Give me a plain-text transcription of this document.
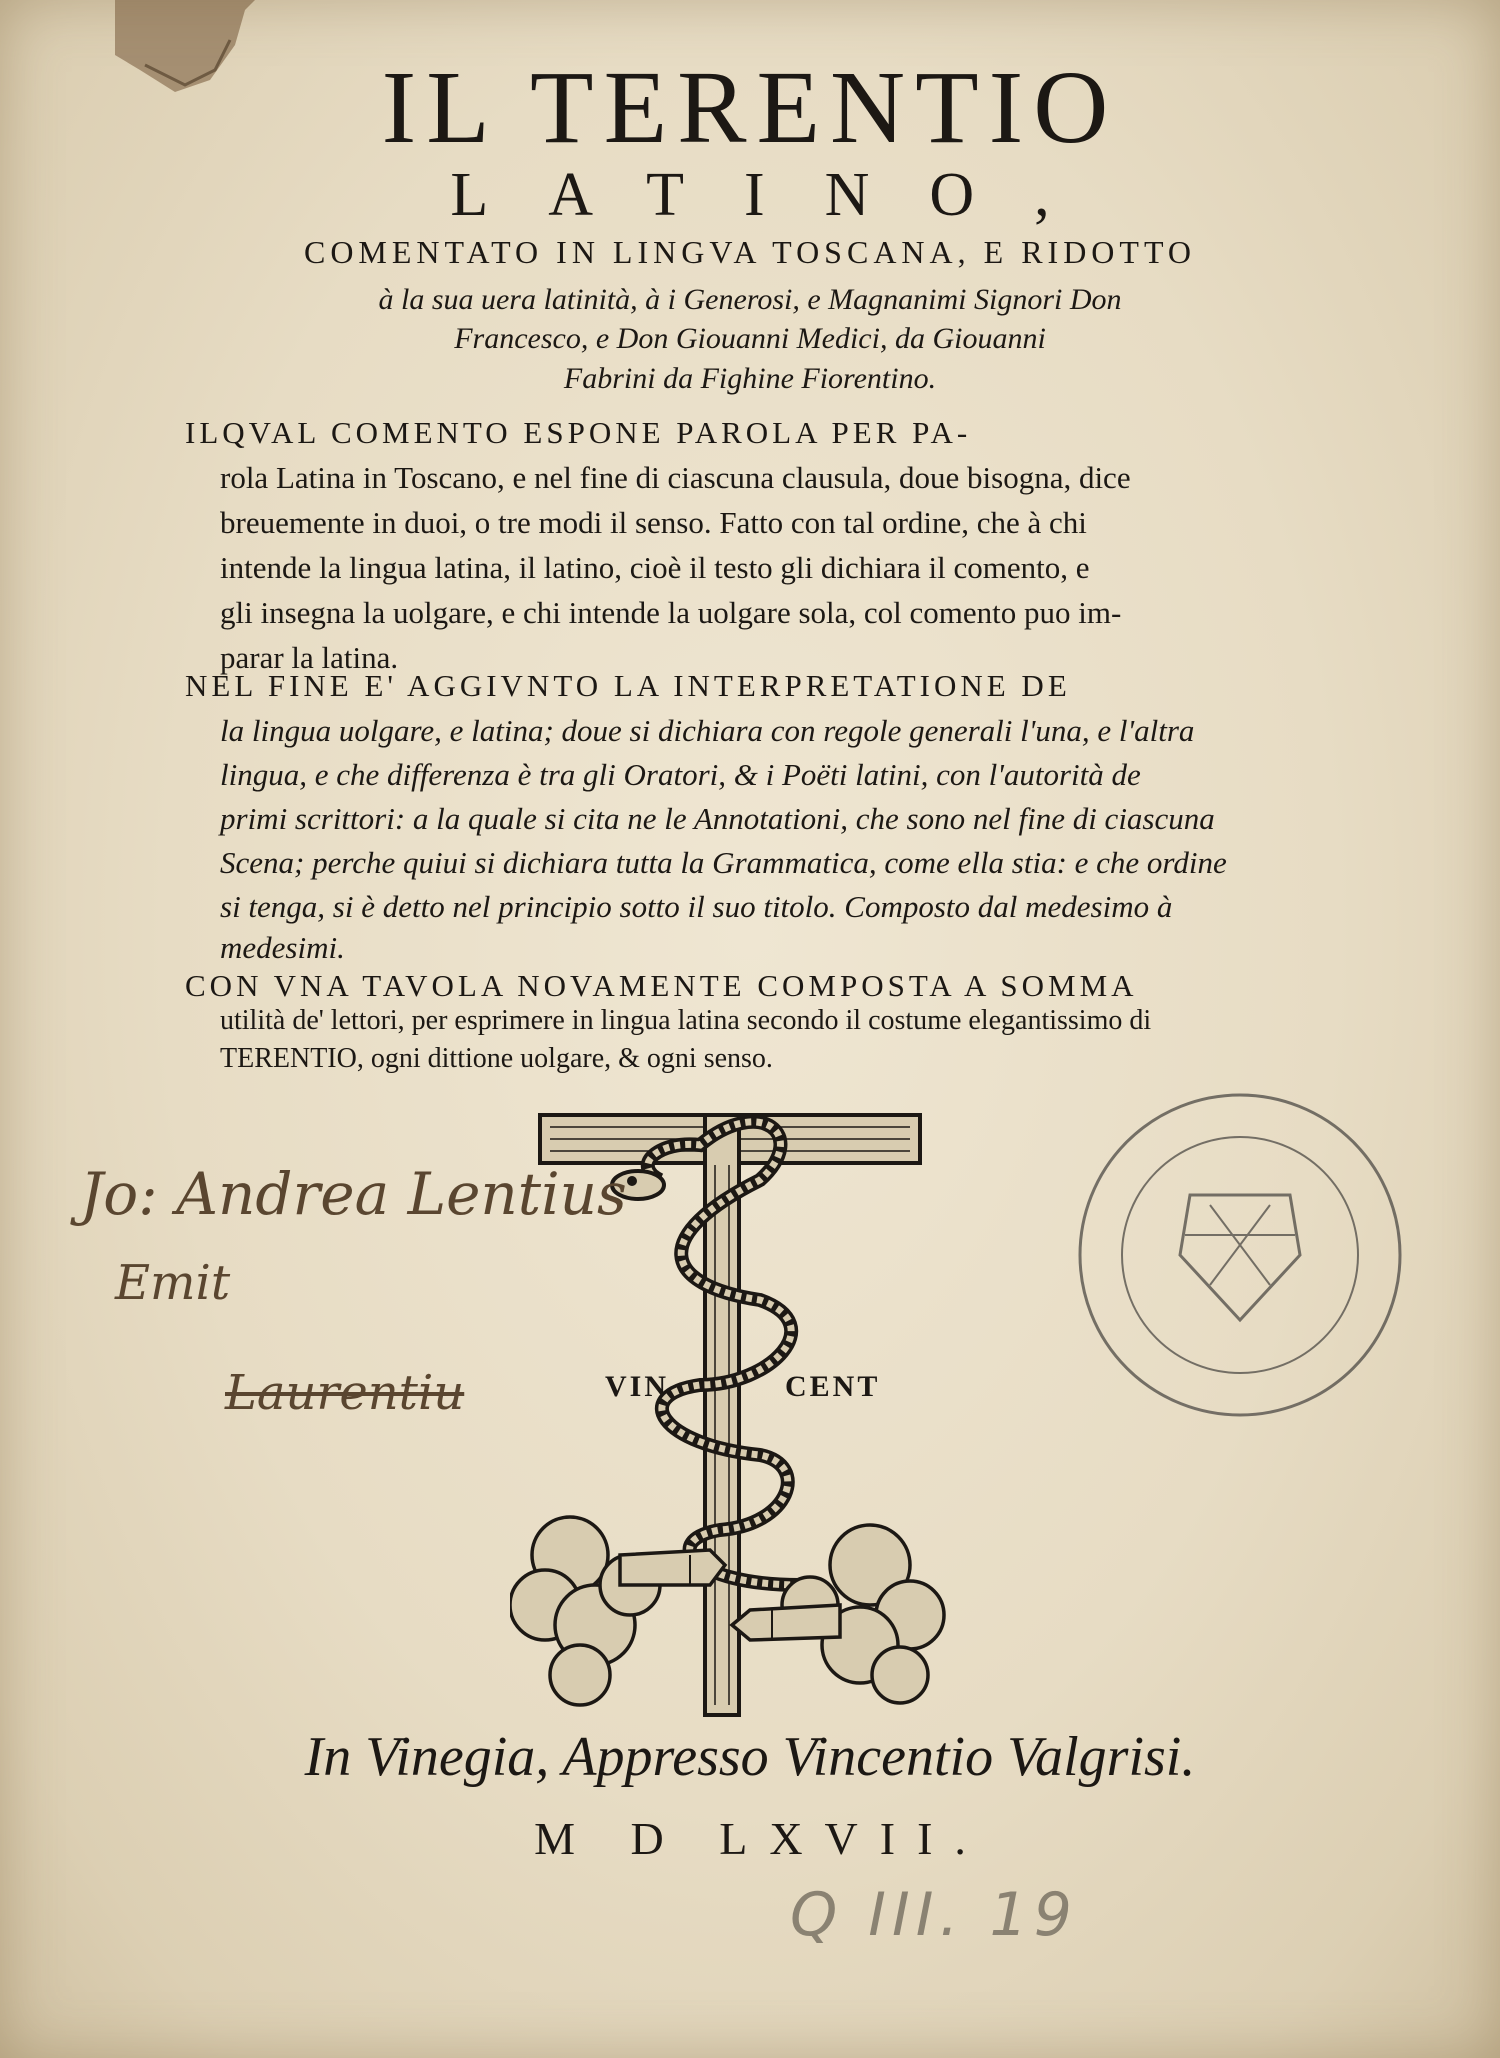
IL TERENTIO
LATINO,
COMENTATO IN LINGVA TOSCANA, E RIDOTTO
à la sua uera latinità, à i Generosi, e Magnanimi Signori Don
Francesco, e Don Giouanni Medici, da Giouanni
Fabrini da Fighine Fiorentino.
ILQVAL COMENTO ESPONE PAROLA PER PA-
rola Latina in Toscano, e nel fine di ciascuna clausula, doue bisogna, dice
breuemente in duoi, o tre modi il senso. Fatto con tal ordine, che à chi
intende la lingua latina, il latino, cioè il testo gli dichiara il comento, e
gli insegna la uolgare, e chi intende la uolgare sola, col comento puo im-
parar la latina.
NEL FINE E' AGGIVNTO LA INTERPRETATIONE DE
la lingua uolgare, e latina; doue si dichiara con regole generali l'una, e l'altra
lingua, e che differenza è tra gli Oratori, & i Poëti latini, con l'autorità de
primi scrittori: a la quale si cita ne le Annotationi, che sono nel fine di ciascuna
Scena; perche quiui si dichiara tutta la Grammatica, come ella stia: e che ordine
si tenga, si è detto nel principio sotto il suo titolo. Composto dal medesimo à
medesimi.
CON VNA TAVOLA NOVAMENTE COMPOSTA A SOMMA
utilità de' lettori, per esprimere in lingua latina secondo il costume elegantissimo di
TERENTIO, ogni dittione uolgare, & ogni senso.
VIN	CENT
Jo: Andrea Lentius
Emit
Laurentiu
In Vinegia, Appresso Vincentio Valgrisi.
M D LXVII.
Q III. 19
